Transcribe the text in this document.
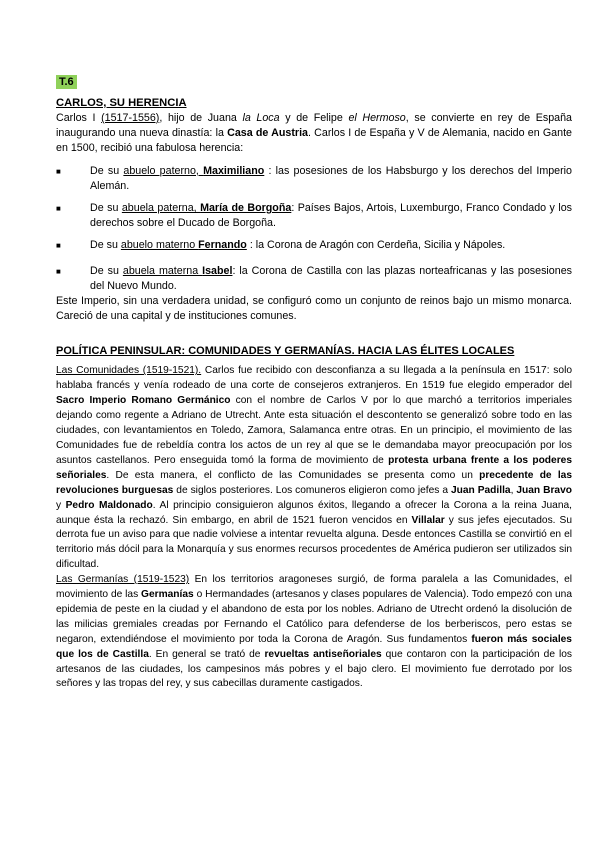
T.6
CARLOS, SU HERENCIA

Carlos I (1517-1556), hijo de Juana la Loca y de Felipe el Hermoso, se convierte en rey de España inaugurando una nueva dinastía: la Casa de Austria. Carlos I de España y V de Alemania, nacido en Gante en 1500, recibió una fabulosa herencia:

■	De su abuelo paterno, Maximiliano : las posesiones de los Habsburgo y los derechos del Imperio Alemán.

■	De su abuela paterna, María de Borgoña: Países Bajos, Artois, Luxemburgo, Franco Condado y los derechos sobre el Ducado de Borgoña.

■	De su abuelo materno Fernando : la Corona de Aragón con Cerdeña, Sicilia y Nápoles.

■	De su abuela materna Isabel: la Corona de Castilla con las plazas norteafricanas y las posesiones del Nuevo Mundo.

Este Imperio, sin una verdadera unidad, se configuró como un conjunto de reinos bajo un mismo monarca. Careció de una capital y de instituciones comunes.

POLÍTICA PENINSULAR: COMUNIDADES Y GERMANÍAS. HACIA LAS ÉLITES LOCALES

Las Comunidades (1519-1521). Carlos fue recibido con desconfianza a su llegada a la península en 1517: solo hablaba francés y venía rodeado de una corte de consejeros extranjeros. En 1519 fue elegido emperador del Sacro Imperio Romano Germánico con el nombre de Carlos V por lo que marchó a territorios imperiales dejando como regente a Adriano de Utrecht. Ante esta situación el descontento se generalizó sobre todo en las ciudades, con levantamientos en Toledo, Zamora, Salamanca entre otras. En un principio, el movimiento de las Comunidades fue de rebeldía contra los actos de un rey al que se le demandaba mayor preocupación por los asuntos castellanos. Pero enseguida tomó la forma de movimiento de protesta urbana frente a los poderes señoriales. De esta manera, el conflicto de las Comunidades se presenta como un precedente de las revoluciones burguesas de siglos posteriores. Los comuneros eligieron como jefes a Juan Padilla, Juan Bravo y Pedro Maldonado. Al principio consiguieron algunos éxitos, llegando a ofrecer la Corona a la reina Juana, aunque ésta la rechazó. Sin embargo, en abril de 1521 fueron vencidos en Villalar y sus jefes ejecutados. Su derrota fue un aviso para que nadie volviese a intentar revuelta alguna. Desde entonces Castilla se convirtió en el territorio más dócil para la Monarquía y sus enormes recursos procedentes de América pudieron ser utilizados sin dificultad.

Las Germanías (1519-1523) En los territorios aragoneses surgió, de forma paralela a las Comunidades, el movimiento de las Germanías o Hermandades (artesanos y clases populares de Valencia). Todo empezó con una epidemia de peste en la ciudad y el abandono de esta por los nobles. Adriano de Utrecht ordenó la disolución de las milicias gremiales creadas por Fernando el Católico para defenderse de los berberiscos, pero estas se negaron, extendiéndose el movimiento por toda la Corona de Aragón. Sus fundamentos fueron más sociales que los de Castilla. En general se trató de revueltas antiseñoriales que contaron con la participación de los artesanos de las ciudades, los campesinos más pobres y el bajo clero. El movimiento fue derrotado por los señores y las tropas del rey, y sus cabecillas duramente castigados.
